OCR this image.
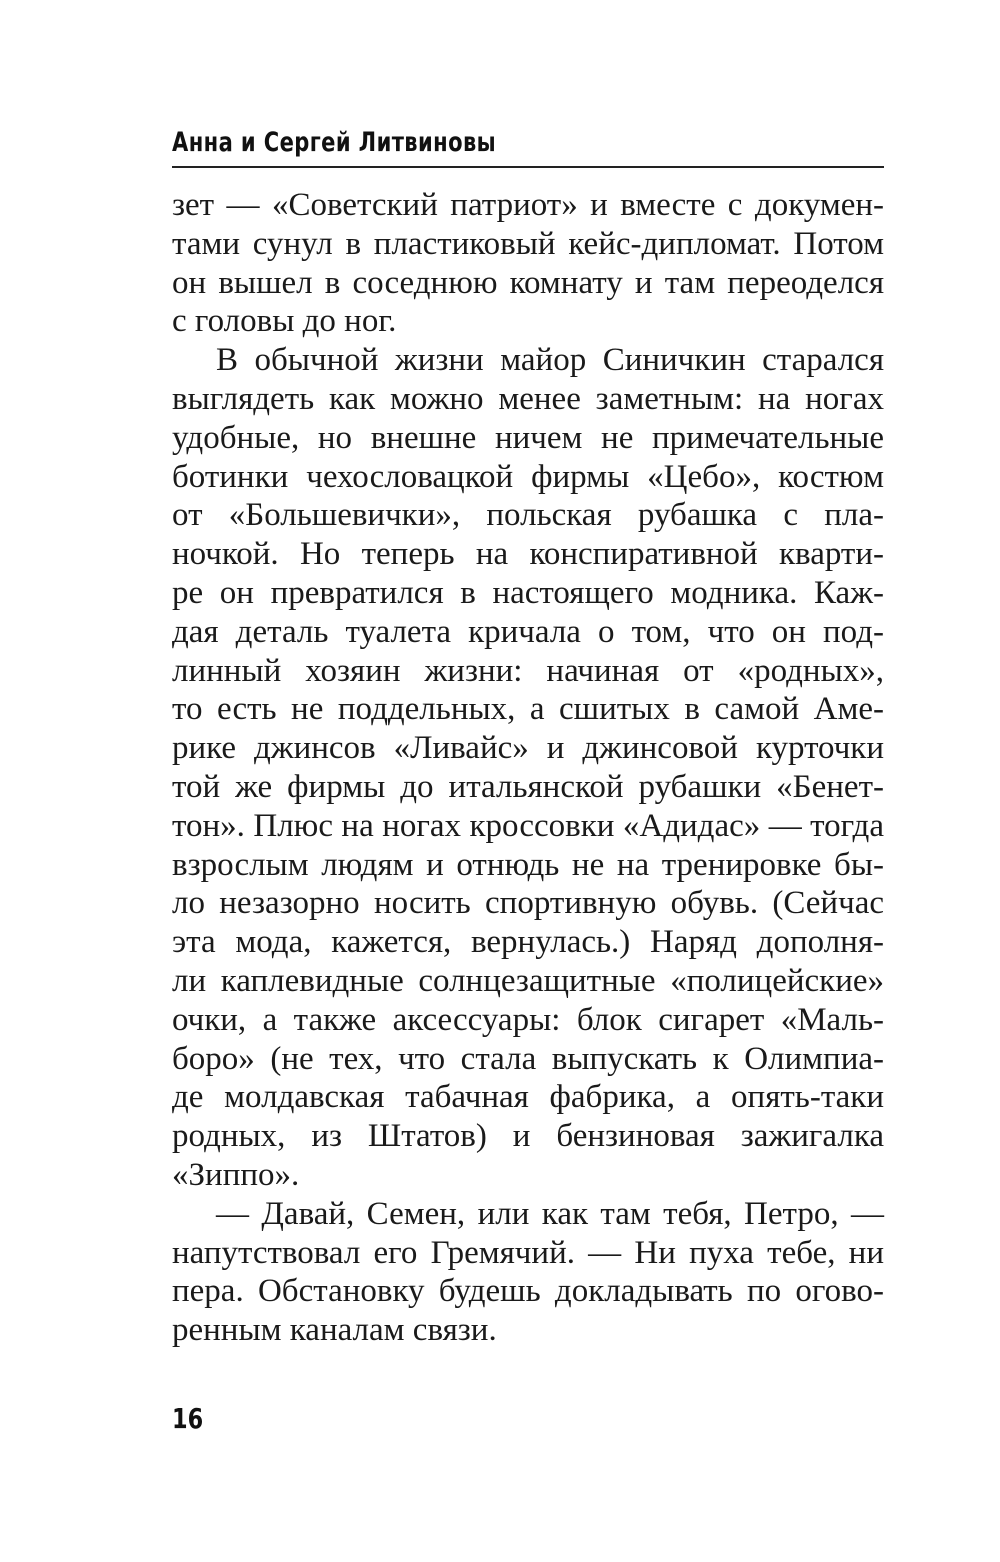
Анна и Сергей Литвиновы
зет — «Советский патриот» и вместе с докумен-
тами сунул в пластиковый кейс-дипломат. Потом
он вышел в соседнюю комнату и там переоделся
с головы до ног.
В обычной жизни майор Синичкин старался
выглядеть как можно менее заметным: на ногах
удобные, но внешне ничем не примечательные
ботинки чехословацкой фирмы «Цебо», костюм
от «Большевички», польская рубашка с пла-
ночкой. Но теперь на конспиративной кварти-
ре он превратился в настоящего модника. Каж-
дая деталь туалета кричала о том, что он под-
линный хозяин жизни: начиная от «родных»,
то есть не поддельных, а сшитых в самой Аме-
рике джинсов «Ливайс» и джинсовой курточки
той же фирмы до итальянской рубашки «Бенет-
тон». Плюс на ногах кроссовки «Адидас» — тогда
взрослым людям и отнюдь не на тренировке бы-
ло незазорно носить спортивную обувь. (Сейчас
эта мода, кажется, вернулась.) Наряд дополня-
ли каплевидные солнцезащитные «полицейские»
очки, а также аксессуары: блок сигарет «Маль-
боро» (не тех, что стала выпускать к Олимпиа-
де молдавская табачная фабрика, а опять-таки
родных, из Штатов) и бензиновая зажигалка
«Зиппо».
— Давай, Семен, или как там тебя, Петро, —
напутствовал его Гремячий. — Ни пуха тебе, ни
пера. Обстановку будешь докладывать по огово-
ренным каналам связи.
16
